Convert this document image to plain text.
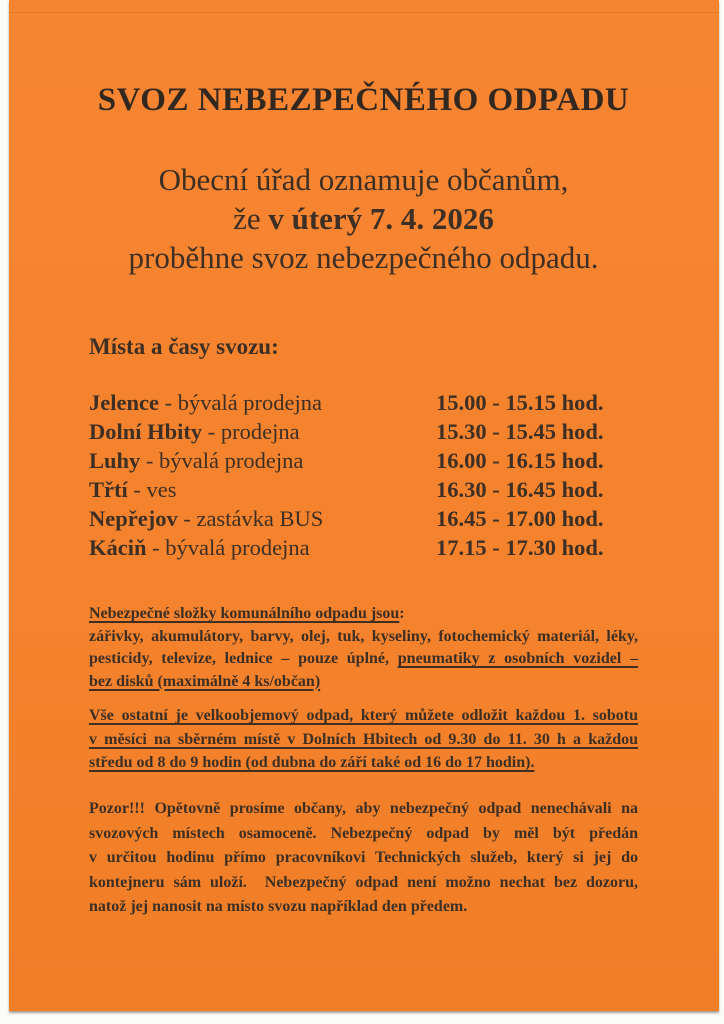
SVOZ NEBEZPEČNÉHO ODPADU
Obecní úřad oznamuje občanům,
že v úterý 7. 4. 2026
proběhne svoz nebezpečného odpadu.
Místa a časy svozu:
Jelence - bývalá prodejna	15.00 - 15.15 hod.
Dolní Hbity - prodejna	15.30 - 15.45 hod.
Luhy - bývalá prodejna	16.00 - 16.15 hod.
Třtí - ves	16.30 - 16.45 hod.
Nepřejov - zastávka BUS	16.45 - 17.00 hod.
Káciň - bývalá prodejna	17.15 - 17.30 hod.
Nebezpečné složky komunálního odpadu jsou:
zářivky, akumulátory, barvy, olej, tuk, kyseliny, fotochemický materiál, léky,
pesticidy, televize, lednice – pouze úplné, pneumatiky z osobních vozidel –
bez disků (maximálně 4 ks/občan)
Vše ostatní je velkoobjemový odpad, který můžete odložit každou 1. sobotu
v měsíci na sběrném místě v Dolních Hbitech od 9.30 do 11. 30 h a každou
středu od 8 do 9 hodin (od dubna do září také od 16 do 17 hodin).
Pozor!!! Opětovně prosíme občany, aby nebezpečný odpad nenechávali na
svozových místech osamoceně. Nebezpečný odpad by měl být předán
v určitou hodinu přímo pracovníkovi Technických služeb, který si jej do
kontejneru sám uloží.  Nebezpečný odpad není možno nechat bez dozoru,
natož jej nanosit na místo svozu například den předem.
